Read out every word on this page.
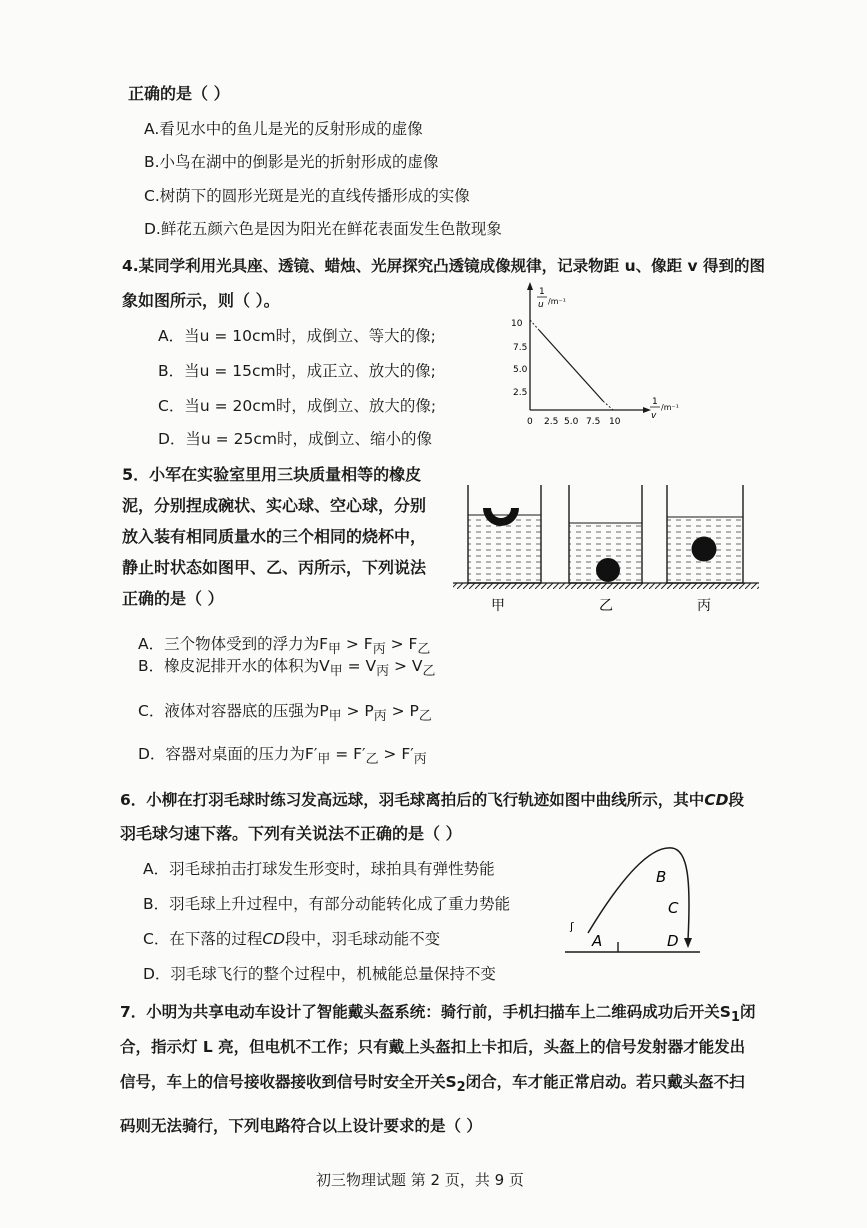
正确的是（ ）
A.看见水中的鱼儿是光的反射形成的虚像
B.小鸟在湖中的倒影是光的折射形成的虚像
C.树荫下的圆形光斑是光的直线传播形成的实像
D.鲜花五颜六色是因为阳光在鲜花表面发生色散现象
4.某同学利用光具座、透镜、蜡烛、光屏探究凸透镜成像规律，记录物距 u、像距 v 得到的图
象如图所示，则（ ）。
A．当u = 10cm时，成倒立、等大的像;
B．当u = 15cm时，成正立、放大的像;
C．当u = 20cm时，成倒立、放大的像;
D．当u = 25cm时，成倒立、缩小的像
1
u /m⁻¹
1
v
/m⁻¹
10
7.5
5.0
2.5
0 2.5 5.0 7.5 10
5．小军在实验室里用三块质量相等的橡皮
泥，分别捏成碗状、实心球、空心球，分别
放入装有相同质量水的三个相同的烧杯中，
静止时状态如图甲、乙、丙所示，下列说法
正确的是（ ）	甲	乙	丙
A．三个物体受到的浮力为$F_甲 > F_丙 > F_乙$
B．橡皮泥排开水的体积为$V_甲 = V_丙 > V_乙$
C．液体对容器底的压强为$P_甲 > P_丙 > P_乙$
D．容器对桌面的压力为$F'_甲 = F'_乙 > F'_丙$
6．小柳在打羽毛球时练习发高远球，羽毛球离拍后的飞行轨迹如图中曲线所示，其中CD段
羽毛球匀速下落。下列有关说法不正确的是（ ）
A．羽毛球拍击打球发生形变时，球拍具有弹性势能
B．羽毛球上升过程中，有部分动能转化成了重力势能
C．在下落的过程CD段中，羽毛球动能不变
D．羽毛球飞行的整个过程中，机械能总量保持不变
ʃ
A
B
C
D
7．小明为共享电动车设计了智能戴头盔系统：骑行前，手机扫描车上二维码成功后开关$S_1$闭
合，指示灯 L 亮，但电机不工作；只有戴上头盔扣上卡扣后，头盔上的信号发射器才能发出
信号，车上的信号接收器接收到信号时安全开关$S_2$闭合，车才能正常启动。若只戴头盔不扫
码则无法骑行，下列电路符合以上设计要求的是（ ）
初三物理试题 第 2 页，共 9 页
